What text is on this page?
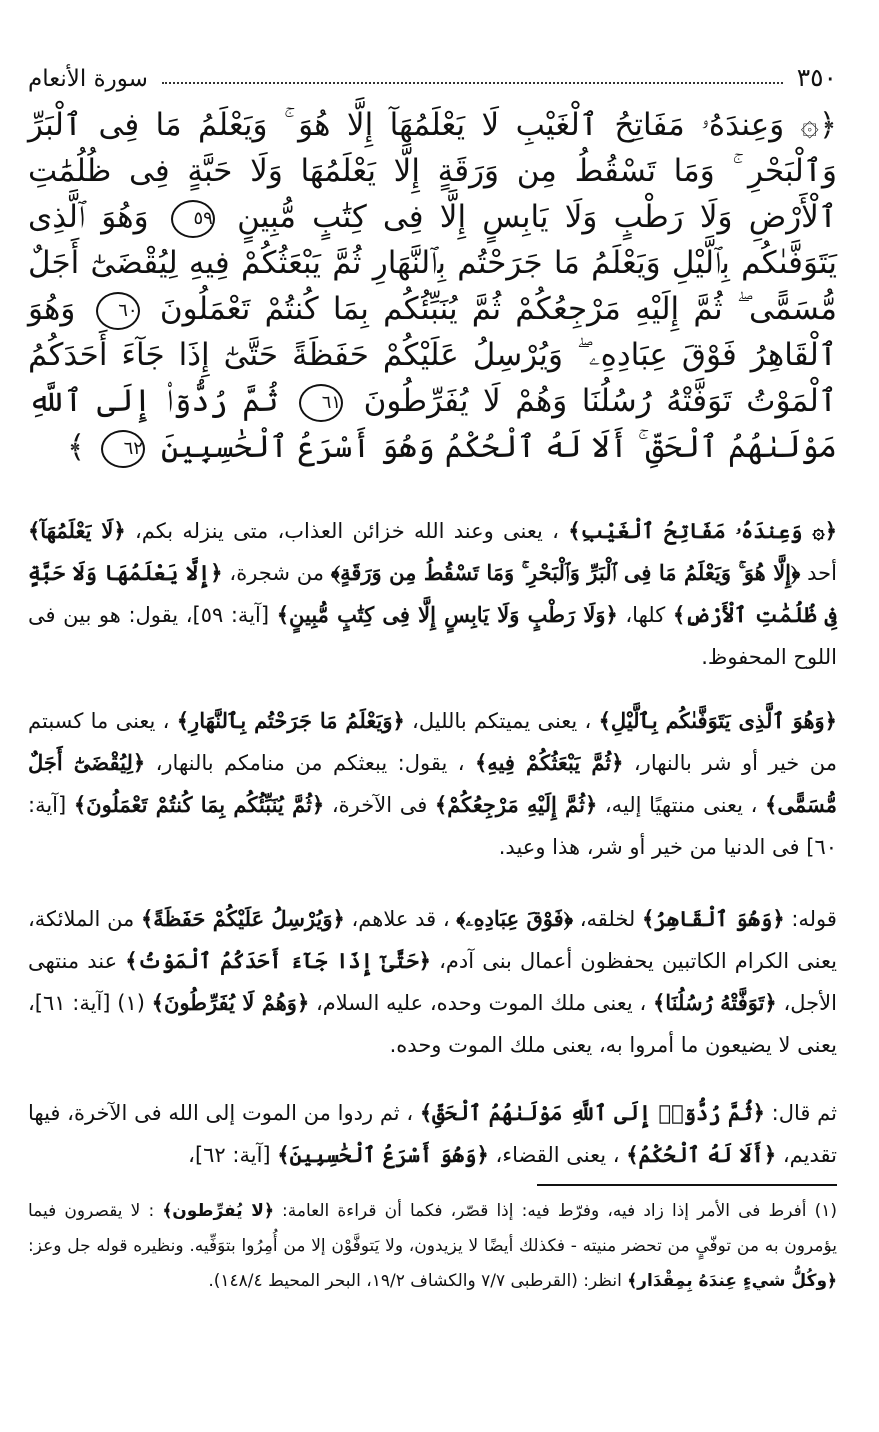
٣٥٠
سورة الأنعام
﴿۞ وَعِندَهُۥ مَفَاتِحُ ٱلْغَيْبِ لَا يَعْلَمُهَآ إِلَّا هُوَ ۚ وَيَعْلَمُ مَا فِى ٱلْبَرِّ وَٱلْبَحْرِ ۚ وَمَا تَسْقُطُ مِن وَرَقَةٍ إِلَّا يَعْلَمُهَا وَلَا حَبَّةٍ فِى ظُلُمَٰتِ ٱلْأَرْضِ وَلَا رَطْبٍ وَلَا يَابِسٍ إِلَّا فِى كِتَٰبٍ مُّبِينٍ ٥٩ وَهُوَ ٱلَّذِى يَتَوَفَّىٰكُم بِٱلَّيْلِ وَيَعْلَمُ مَا جَرَحْتُم بِٱلنَّهَارِ ثُمَّ يَبْعَثُكُمْ فِيهِ لِيُقْضَىٰٓ أَجَلٌ مُّسَمًّى ۖ ثُمَّ إِلَيْهِ مَرْجِعُكُمْ ثُمَّ يُنَبِّئُكُم بِمَا كُنتُمْ تَعْمَلُونَ ٦٠ وَهُوَ ٱلْقَاهِرُ فَوْقَ عِبَادِهِۦ ۖ وَيُرْسِلُ عَلَيْكُمْ حَفَظَةً حَتَّىٰٓ إِذَا جَآءَ أَحَدَكُمُ ٱلْمَوْتُ تَوَفَّتْهُ رُسُلُنَا وَهُمْ لَا يُفَرِّطُونَ ٦١ ثُمَّ رُدُّوٓا۟ إِلَى ٱللَّهِ مَوْلَىٰهُمُ ٱلْحَقِّ ۚ أَلَا لَهُ ٱلْحُكْمُ وَهُوَ أَسْرَعُ ٱلْحَٰسِبِينَ ٦٢ ﴾
﴿۞ وَعِندَهُۥ مَفَاتِحُ ٱلْغَيْبِ﴾ ، يعنى وعند الله خزائن العذاب، متى ينزله بكم، ﴿لَا يَعْلَمُهَآ﴾ أحد ﴿إِلَّا هُوَ ۚ وَيَعْلَمُ مَا فِى ٱلْبَرِّ وَٱلْبَحْرِ ۚ وَمَا تَسْقُطُ مِن وَرَقَةٍ﴾ من شجرة، ﴿إِلَّا يَعْلَمُهَا وَلَا حَبَّةٍ فِى ظُلُمَٰتِ ٱلْأَرْضِ﴾ كلها، ﴿وَلَا رَطْبٍ وَلَا يَابِسٍ إِلَّا فِى كِتَٰبٍ مُّبِينٍ﴾ [آية: ٥٩]، يقول: هو بين فى اللوح المحفوظ.
﴿وَهُوَ ٱلَّذِى يَتَوَفَّىٰكُم بِٱلَّيْلِ﴾ ، يعنى يميتكم بالليل، ﴿وَيَعْلَمُ مَا جَرَحْتُم بِٱلنَّهَارِ﴾ ، يعنى ما كسبتم من خير أو شر بالنهار، ﴿ثُمَّ يَبْعَثُكُمْ فِيهِ﴾ ، يقول: يبعثكم من منامكم بالنهار، ﴿لِيُقْضَىٰٓ أَجَلٌ مُّسَمًّى﴾ ، يعنى منتهيًا إليه، ﴿ثُمَّ إِلَيْهِ مَرْجِعُكُمْ﴾ فى الآخرة، ﴿ثُمَّ يُنَبِّئُكُم بِمَا كُنتُمْ تَعْمَلُونَ﴾ [آية: ٦٠] فى الدنيا من خير أو شر، هذا وعيد.
قوله: ﴿وَهُوَ ٱلْقَاهِرُ﴾ لخلقه، ﴿فَوْقَ عِبَادِهِۦ﴾ ، قد علاهم، ﴿وَيُرْسِلُ عَلَيْكُمْ حَفَظَةً﴾ من الملائكة، يعنى الكرام الكاتبين يحفظون أعمال بنى آدم، ﴿حَتَّىٰٓ إِذَا جَآءَ أَحَدَكُمُ ٱلْمَوْتُ﴾ عند منتهى الأجل، ﴿تَوَفَّتْهُ رُسُلُنَا﴾ ، يعنى ملك الموت وحده، عليه السلام، ﴿وَهُمْ لَا يُفَرِّطُونَ﴾ (١) [آية: ٦١]، يعنى لا يضيعون ما أمروا به، يعنى ملك الموت وحده.
ثم قال: ﴿ثُمَّ رُدُّوٓا۟ إِلَى ٱللَّهِ مَوْلَىٰهُمُ ٱلْحَقِّ﴾ ، ثم ردوا من الموت إلى الله فى الآخرة، فيها تقديم، ﴿أَلَا لَهُ ٱلْحُكْمُ﴾ ، يعنى القضاء، ﴿وَهُوَ أَسْرَعُ ٱلْحَٰسِبِينَ﴾ [آية: ٦٢]،
(١) أفرط فى الأمر إذا زاد فيه، وفرّط فيه: إذا قصّر، فكما أن قراءة العامة: ﴿لا يُفرِّطون﴾ : لا يقصرون فيما يؤمرون به من توفّيٍ من تحضر منيته - فكذلك أيضًا لا يزيدون، ولا يَتوفَّوْن إلا من أُمِرُوا بتوَفِّيه. ونظيره قوله جل وعز: ﴿وكُلُّ شيءٍ عِندَهُ بِمِقْدَار﴾ انظر: (القرطبى ٧/٧ والكشاف ١٩/٢، البحر المحيط ١٤٨/٤).
